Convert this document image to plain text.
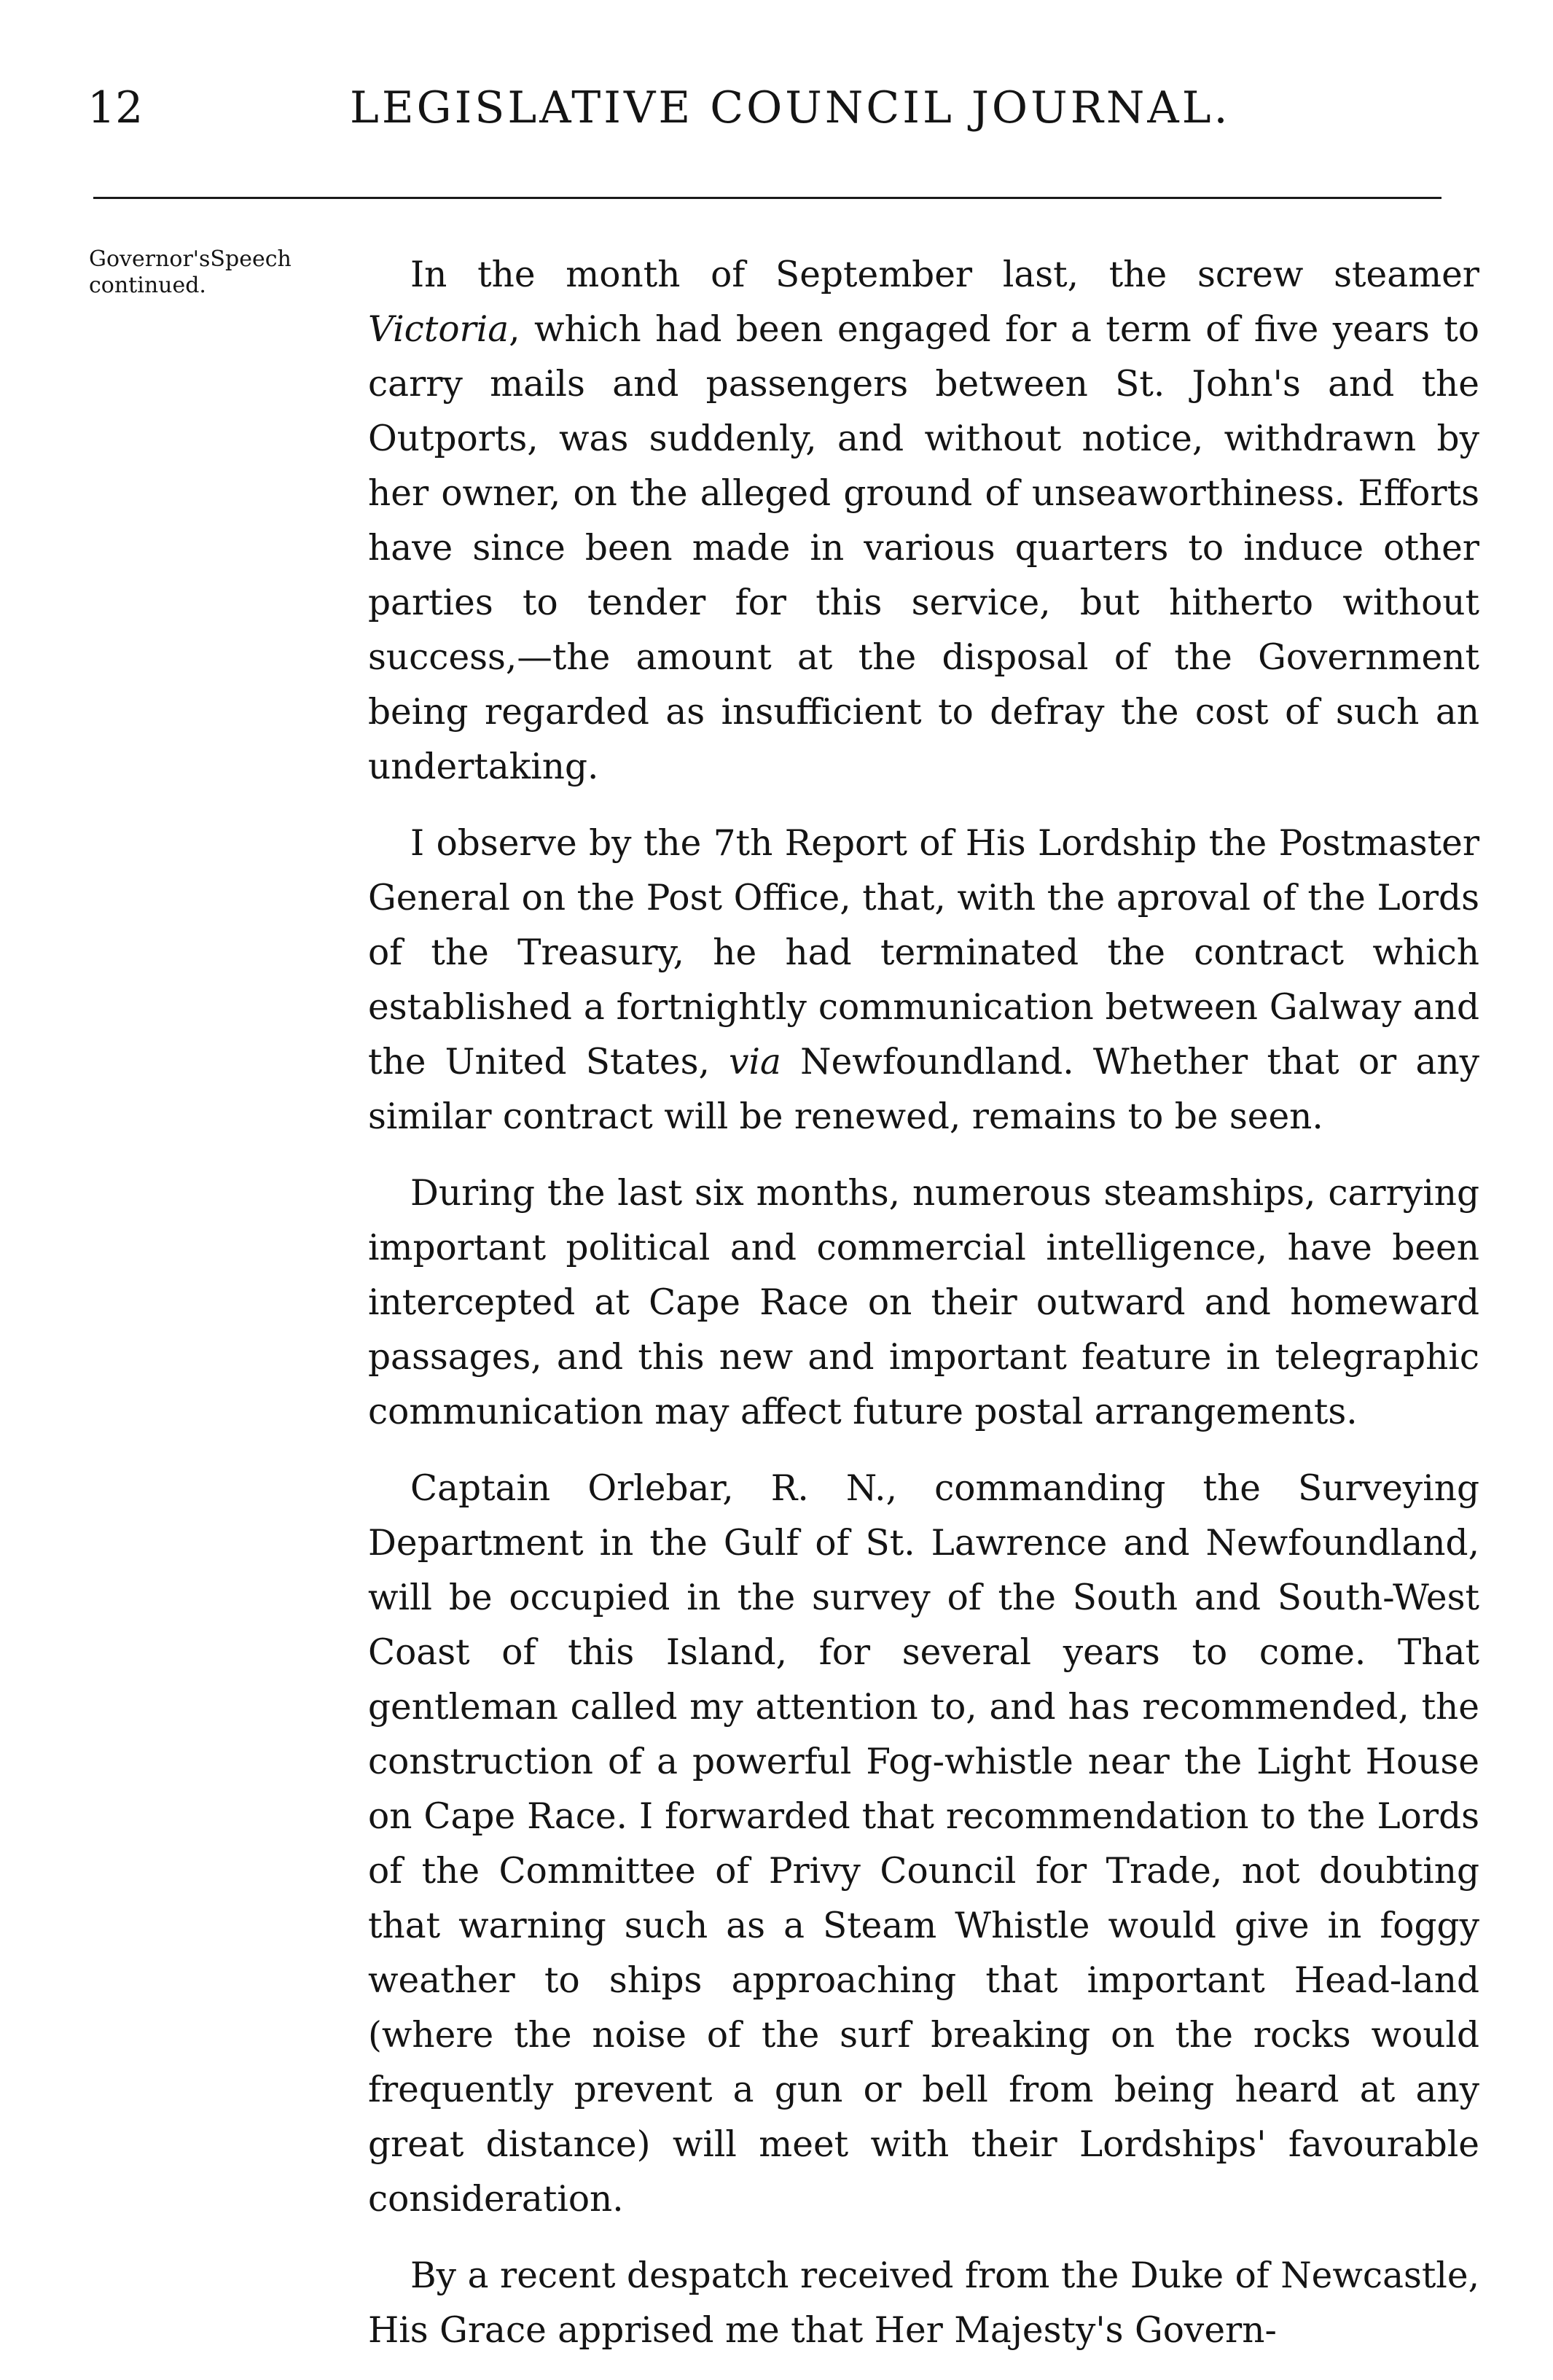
12	LEGISLATIVE COUNCIL JOURNAL.
Governor'sSpeech continued.	In the month of September last, the screw steamer Victoria, which had been engaged for a term of five years to carry mails and passengers between St. John's and the Outports, was suddenly, and without notice, withdrawn by her owner, on the alleged ground of unseaworthiness. Efforts have since been made in various quarters to induce other parties to tender for this service, but hitherto without success,—the amount at the disposal of the Government being regarded as insufficient to defray the cost of such an undertaking.

I observe by the 7th Report of His Lordship the Postmaster General on the Post Office, that, with the aproval of the Lords of the Treasury, he had terminated the contract which established a fortnightly communication between Galway and the United States, via Newfoundland. Whether that or any similar contract will be renewed, remains to be seen.

During the last six months, numerous steamships, carrying important political and commercial intelligence, have been intercepted at Cape Race on their outward and homeward passages, and this new and important feature in telegraphic communication may affect future postal arrangements.

Captain Orlebar, R. N., commanding the Surveying Department in the Gulf of St. Lawrence and Newfoundland, will be occupied in the survey of the South and South-West Coast of this Island, for several years to come. That gentleman called my attention to, and has recommended, the construction of a powerful Fog-whistle near the Light House on Cape Race. I forwarded that recommendation to the Lords of the Committee of Privy Council for Trade, not doubting that warning such as a Steam Whistle would give in foggy weather to ships approaching that important Head-land (where the noise of the surf breaking on the rocks would frequently prevent a gun or bell from being heard at any great distance) will meet with their Lordships' favourable consideration.

By a recent despatch received from the Duke of Newcastle, His Grace apprised me that Her Majesty's Govern-
